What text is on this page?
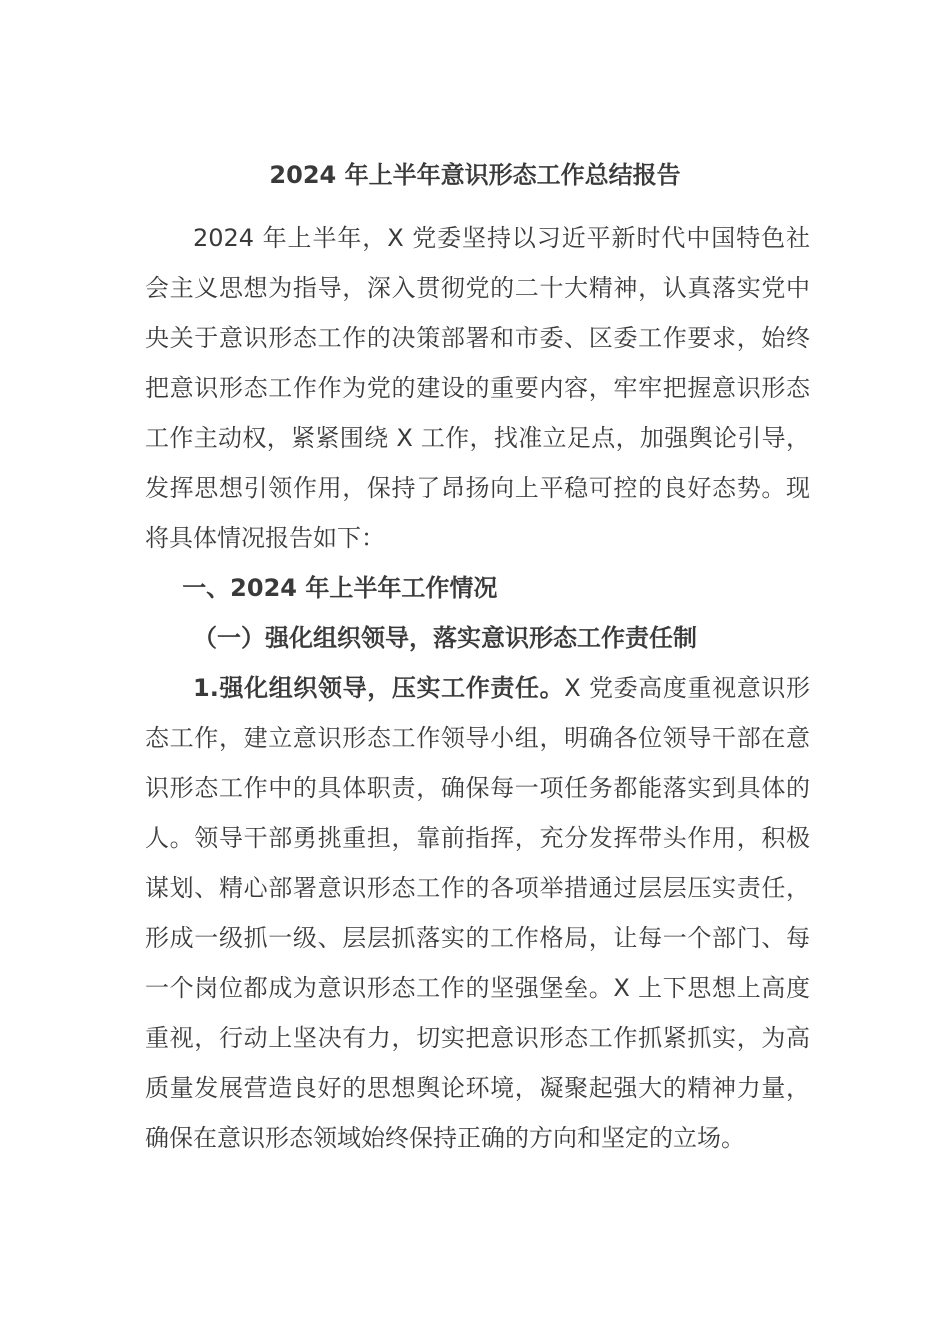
2024 年上半年意识形态工作总结报告

2024 年上半年，X 党委坚持以习近平新时代中国特色社会主义思想为指导，深入贯彻党的二十大精神，认真落实党中央关于意识形态工作的决策部署和市委、区委工作要求，始终把意识形态工作作为党的建设的重要内容，牢牢把握意识形态工作主动权，紧紧围绕 X 工作，找准立足点，加强舆论引导，发挥思想引领作用，保持了昂扬向上平稳可控的良好态势。现将具体情况报告如下：

一、2024 年上半年工作情况

（一）强化组织领导，落实意识形态工作责任制

1.强化组织领导，压实工作责任。X 党委高度重视意识形态工作，建立意识形态工作领导小组，明确各位领导干部在意识形态工作中的具体职责，确保每一项任务都能落实到具体的人。领导干部勇挑重担，靠前指挥，充分发挥带头作用，积极谋划、精心部署意识形态工作的各项举措通过层层压实责任，形成一级抓一级、层层抓落实的工作格局，让每一个部门、每一个岗位都成为意识形态工作的坚强堡垒。X 上下思想上高度重视，行动上坚决有力，切实把意识形态工作抓紧抓实，为高质量发展营造良好的思想舆论环境，凝聚起强大的精神力量，确保在意识形态领域始终保持正确的方向和坚定的立场。
